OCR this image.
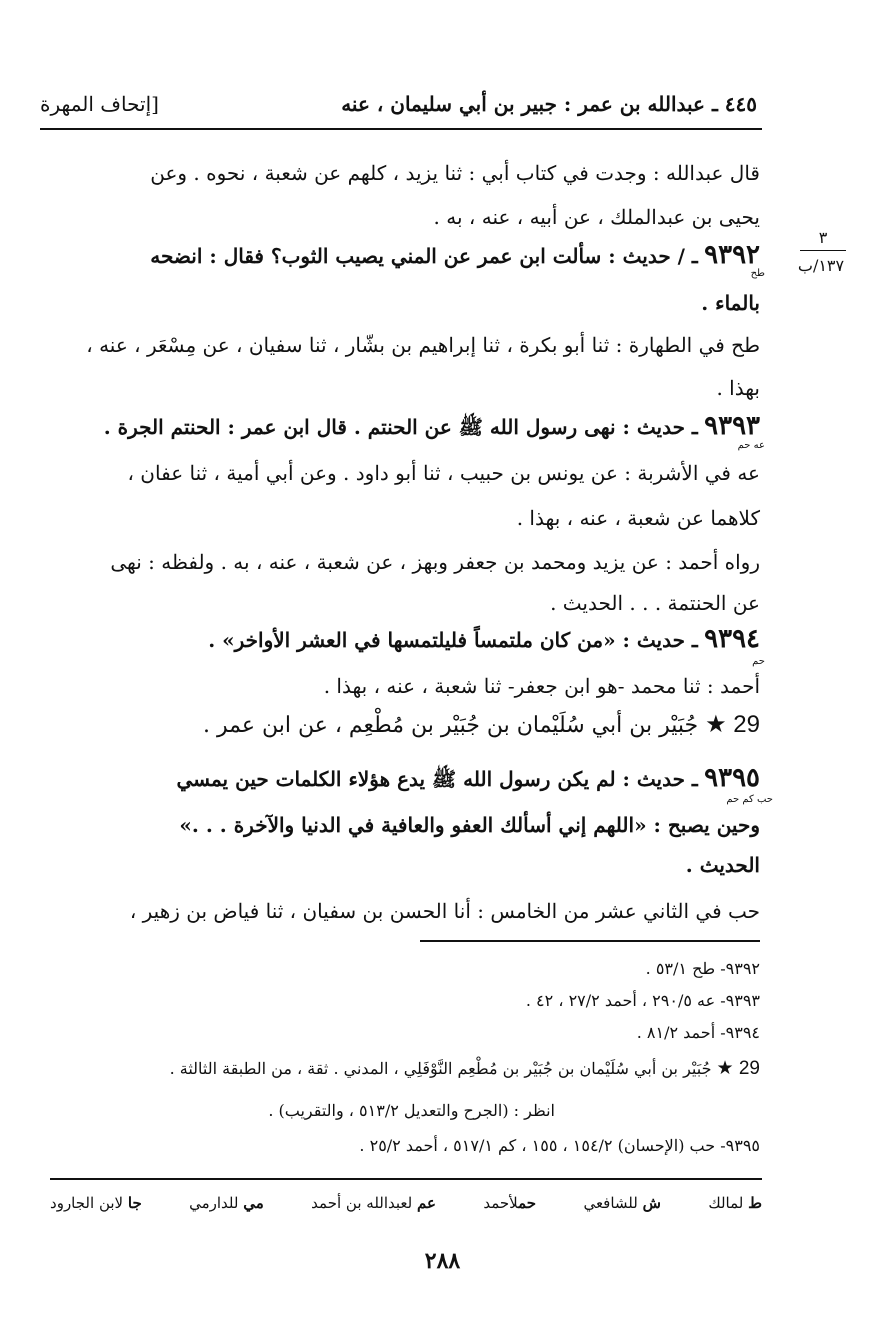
٤٤٥ ـ عبدالله بن عمر : جبير بن أبي سليمان ، عنه
[إتحاف المهرة
٣
١٣٧/ب
قال عبدالله : وجدت في كتاب أبي : ثنا يزيد ، كلهم عن شعبة ، نحوه . وعن
يحيى بن عبدالملك ، عن أبيه ، عنه ، به .
٩٣٩٢ ـ / حديث : سألت ابن عمر عن المني يصيب الثوب؟ فقال : انضحه
طح
بالماء .
طح في الطهارة : ثنا أبو بكرة ، ثنا إبراهيم بن بشّار ، ثنا سفيان ، عن مِسْعَر ، عنه ،
بهذا .
٩٣٩٣ ـ حديث : نهى رسول الله ﷺ عن الحنتم . قال ابن عمر : الحنتم الجرة .
عه حم
عه في الأشربة : عن يونس بن حبيب ، ثنا أبو داود . وعن أبي أمية ، ثنا عفان ،
كلاهما عن شعبة ، عنه ، بهذا .
رواه أحمد : عن يزيد ومحمد بن جعفر وبهز ، عن شعبة ، عنه ، به . ولفظه : نهى
عن الحنتمة . . . الحديث .
٩٣٩٤ ـ حديث : «من كان ملتمساً فليلتمسها في العشر الأواخر» .
حم
أحمد : ثنا محمد -هو ابن جعفر- ثنا شعبة ، عنه ، بهذا .
29 ★ جُبَيْر بن أبي سُلَيْمان بن جُبَيْر بن مُطْعِم ، عن ابن عمر .
٩٣٩٥ ـ حديث : لم يكن رسول الله ﷺ يدع هؤلاء الكلمات حين يمسي
حب كم حم
وحين يصبح : «اللهم إني أسألك العفو والعافية في الدنيا والآخرة . . .»
الحديث .
حب في الثاني عشر من الخامس : أنا الحسن بن سفيان ، ثنا فياض بن زهير ،
٩٣٩٢- طح ٥٣/١ .
٩٣٩٣- عه ٢٩٠/٥ ، أحمد ٢٧/٢ ، ٤٢ .
٩٣٩٤- أحمد ٨١/٢ .
29 ★ جُبَيْر بن أبي سُلَيْمان بن جُبَيْر بن مُطْعِم النَّوْفَلِي ، المدني . ثقة ، من الطبقة الثالثة .
انظر : (الجرح والتعديل ٥١٣/٢ ، والتقريب) .
٩٣٩٥- حب (الإحسان) ١٥٤/٢ ، ١٥٥ ، كم ٥١٧/١ ، أحمد ٢٥/٢ .
ط لمالك
ش للشافعي
حملأحمد
عم لعبدالله بن أحمد
مي للدارمي
جا لابن الجارود
٢٨٨
